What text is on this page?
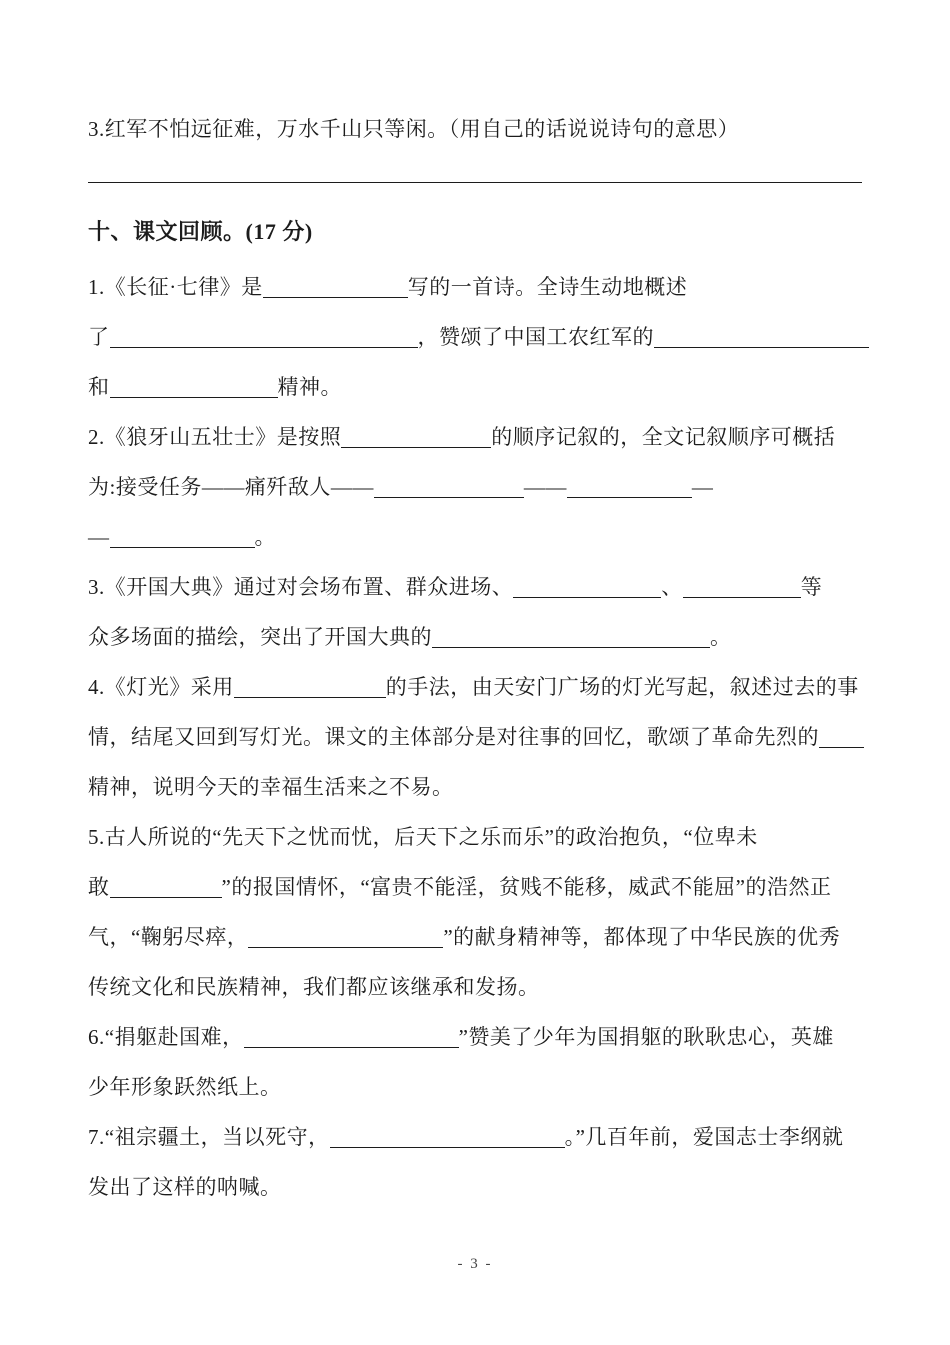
3.红军不怕远征难，万水千山只等闲。（用自己的话说说诗句的意思）
十、课文回顾。(17 分)
1.《长征·七律》是	写的一首诗。全诗生动地概述
了	，赞颂了中国工农红军的
和	精神。
2.《狼牙山五壮士》是按照	的顺序记叙的，全文记叙顺序可概括
为:接受任务——痛歼敌人——	——	—
—	。
3.《开国大典》通过对会场布置、群众进场、	、	等
众多场面的描绘，突出了开国大典的	。
4.《灯光》采用	的手法，由天安门广场的灯光写起，叙述过去的事
情，结尾又回到写灯光。课文的主体部分是对往事的回忆，歌颂了革命先烈的
精神，说明今天的幸福生活来之不易。
5.古人所说的“先天下之忧而忧，后天下之乐而乐”的政治抱负，“位卑未
敢	”的报国情怀，“富贵不能淫，贫贱不能移，威武不能屈”的浩然正
气，“鞠躬尽瘁，	”的献身精神等，都体现了中华民族的优秀
传统文化和民族精神，我们都应该继承和发扬。
6.“捐躯赴国难，	”赞美了少年为国捐躯的耿耿忠心，英雄
少年形象跃然纸上。
7.“祖宗疆土，当以死守，	。”几百年前，爱国志士李纲就
发出了这样的呐喊。
- 3 -
